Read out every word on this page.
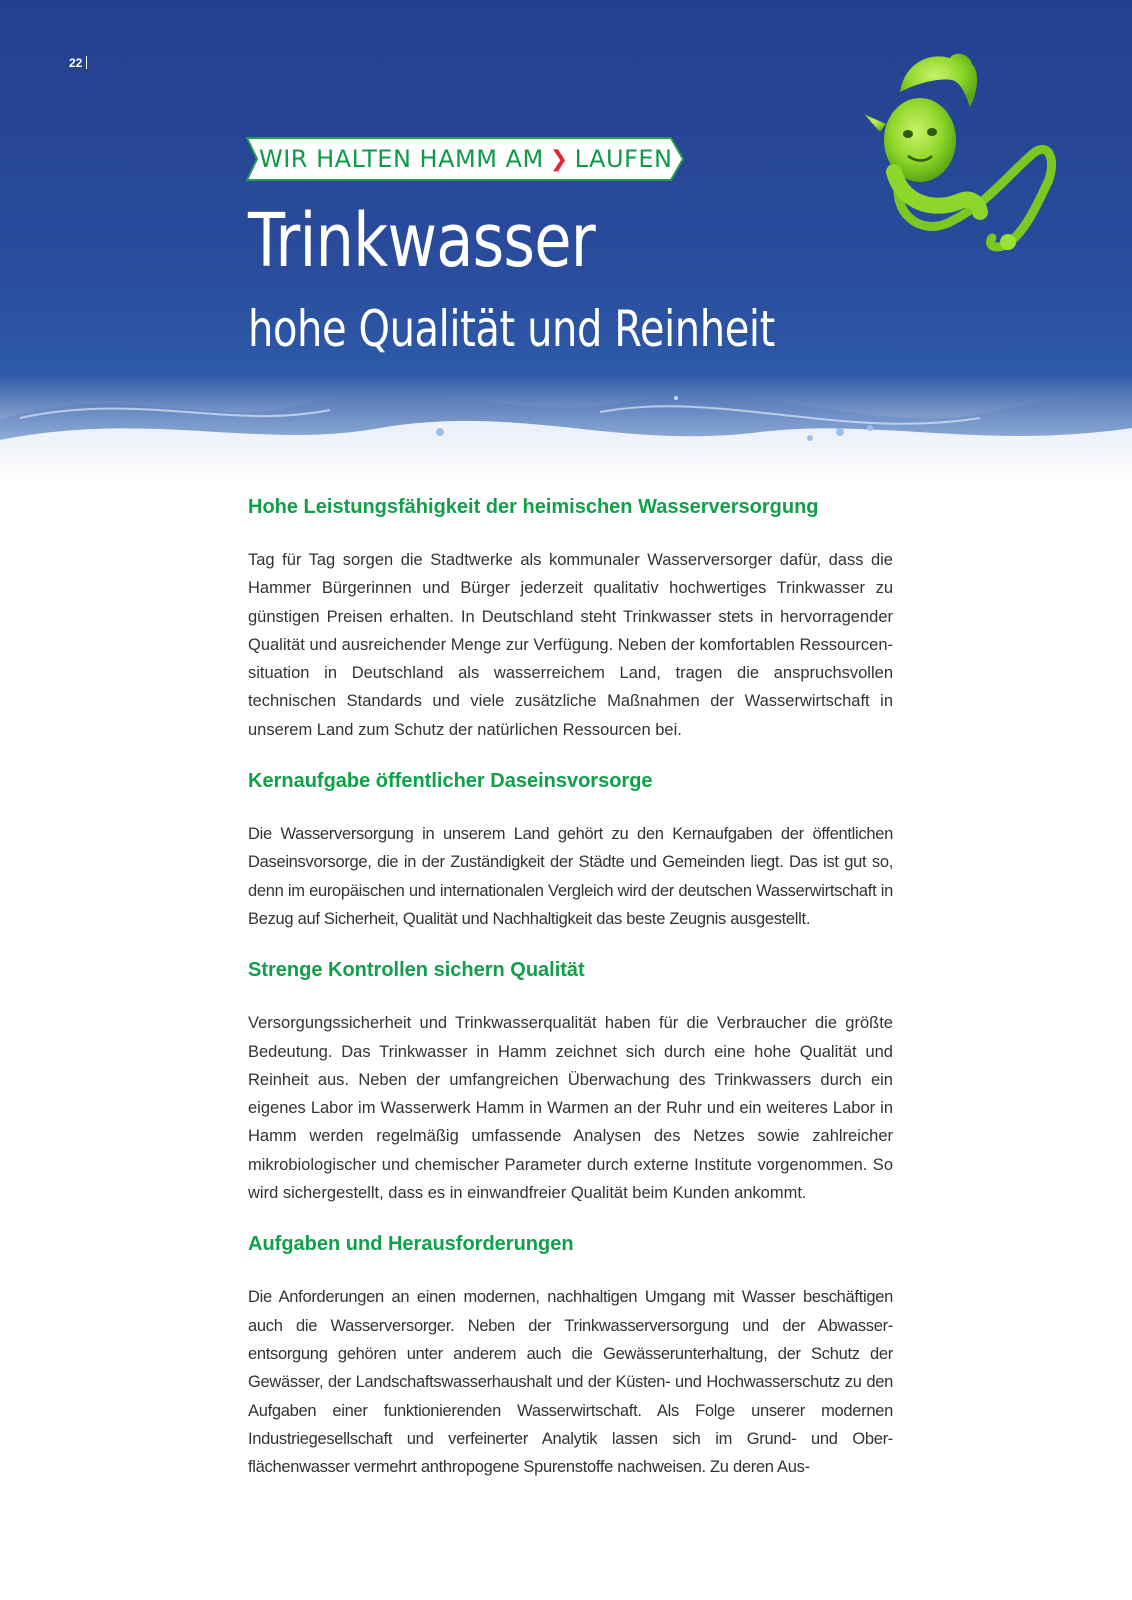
22
WIR HALTEN HAMM AM ❯ LAUFEN
Trinkwasser
hohe Qualität und Reinheit
Hohe Leistungsfähigkeit der heimischen Wasserversorgung

Tag für Tag sorgen die Stadtwerke als kommunaler Wasserversorger dafür, dass die Hammer Bürgerinnen und Bürger jederzeit qualitativ hochwertiges Trinkwasser zu günstigen Preisen erhalten. In Deutschland steht Trinkwasser stets in hervorragender Qualität und ausreichender Menge zur Verfügung. Neben der komfortablen Ressourcen-situation in Deutschland als wasserreichem Land, tragen die anspruchsvollen technischen Standards und viele zusätzliche Maßnahmen der Wasserwirtschaft in unserem Land zum Schutz der natürlichen Ressourcen bei.

Kernaufgabe öffentlicher Daseinsvorsorge

Die Wasserversorgung in unserem Land gehört zu den Kernaufgaben der öffentlichen Daseinsvorsorge, die in der Zuständigkeit der Städte und Gemeinden liegt. Das ist gut so, denn im europäischen und internationalen Vergleich wird der deutschen Wasserwirtschaft in Bezug auf Sicherheit, Qualität und Nachhaltigkeit das beste Zeugnis ausgestellt.

Strenge Kontrollen sichern Qualität

Versorgungssicherheit und Trinkwasserqualität haben für die Verbraucher die größte Bedeutung. Das Trinkwasser in Hamm zeichnet sich durch eine hohe Qualität und Reinheit aus. Neben der umfangreichen Überwachung des Trinkwassers durch ein eigenes Labor im Wasserwerk Hamm in Warmen an der Ruhr und ein weiteres Labor in Hamm werden regelmäßig umfassende Analysen des Netzes sowie zahlreicher mikrobiologischer und chemischer Parameter durch externe Institute vorgenommen. So wird sichergestellt, dass es in einwandfreier Qualität beim Kunden ankommt.

Aufgaben und Herausforderungen

Die Anforderungen an einen modernen, nachhaltigen Umgang mit Wasser beschäftigen auch die Wasserversorger. Neben der Trinkwasserversorgung und der Abwasser-entsorgung gehören unter anderem auch die Gewässerunterhaltung, der Schutz der Gewässer, der Landschaftswasserhaushalt und der Küsten- und Hochwasserschutz zu den Aufgaben einer funktionierenden Wasserwirtschaft. Als Folge unserer modernen Industriegesellschaft und verfeinerter Analytik lassen sich im Grund- und Ober-flächenwasser vermehrt anthropogene Spurenstoffe nachweisen. Zu deren Aus-
